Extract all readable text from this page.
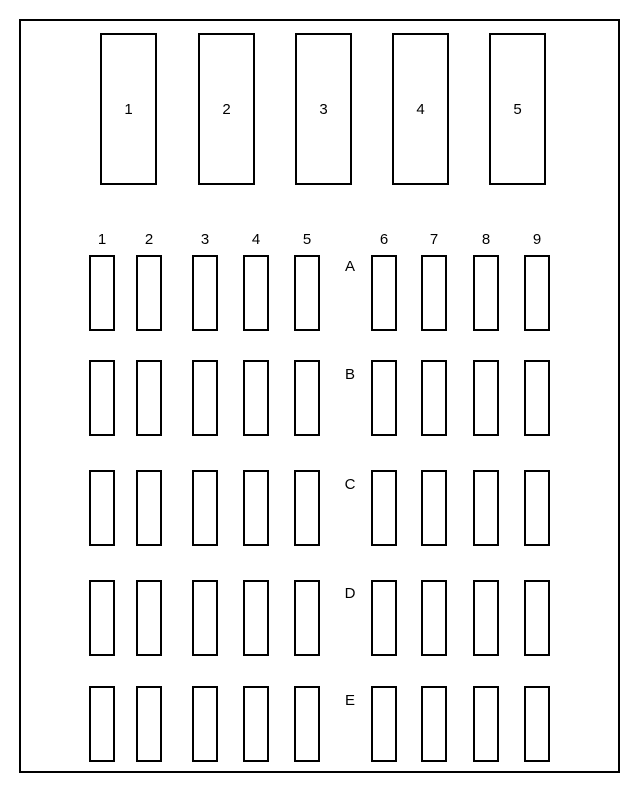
1	2	3	4	5
1	2	3	4	5	6	7	8	9
A
B
C
D
E
